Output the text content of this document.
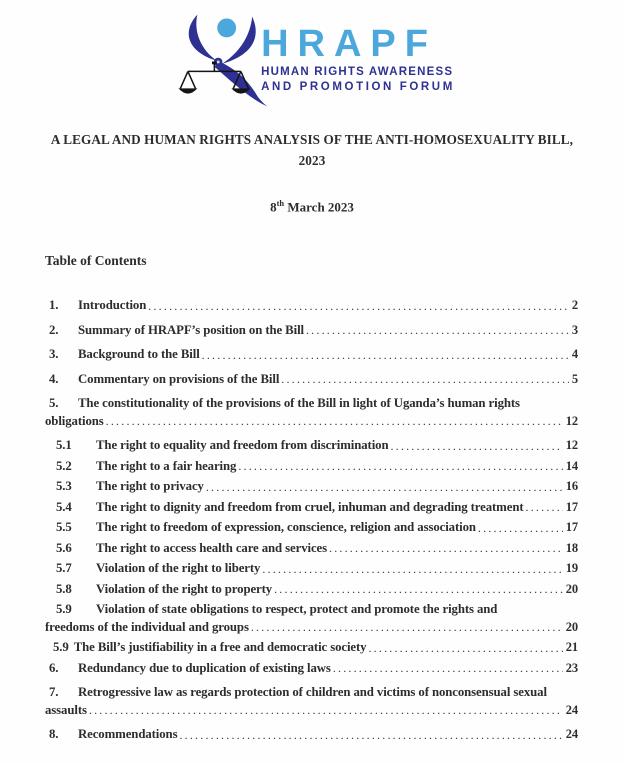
HRAPF
HUMAN RIGHTS AWARENESS
AND PROMOTION FORUM
A LEGAL AND HUMAN RIGHTS ANALYSIS OF THE ANTI-HOMOSEXUALITY BILL,
2023
8th March 2023
Table of Contents
1.	Introduction .....	2
2.	Summary of HRAPF’s position on the Bill .....	3
3.	Background to the Bill .....	4
4.	Commentary on provisions of the Bill .....	5
5.	The constitutionality of the provisions of the Bill in light of Uganda’s human rights
obligations .....	12
5.1	The right to equality and freedom from discrimination .....	12
5.2	The right to a fair hearing .....	14
5.3	The right to privacy .....	16
5.4	The right to dignity and freedom from cruel, inhuman and degrading treatment .....	17
5.5	The right to freedom of expression, conscience, religion and association .....	17
5.6	The right to access health care and services .....	18
5.7	Violation of the right to liberty .....	19
5.8	Violation of the right to property .....	20
5.9	Violation of state obligations to respect, protect and promote the rights and
freedoms of the individual and groups .....	20
5.9 The Bill’s justifiability in a free and democratic society .....	21
6.	Redundancy due to duplication of existing laws .....	23
7.	Retrogressive law as regards protection of children and victims of nonconsensual sexual
assaults .....	24
8.	Recommendations .....	24
